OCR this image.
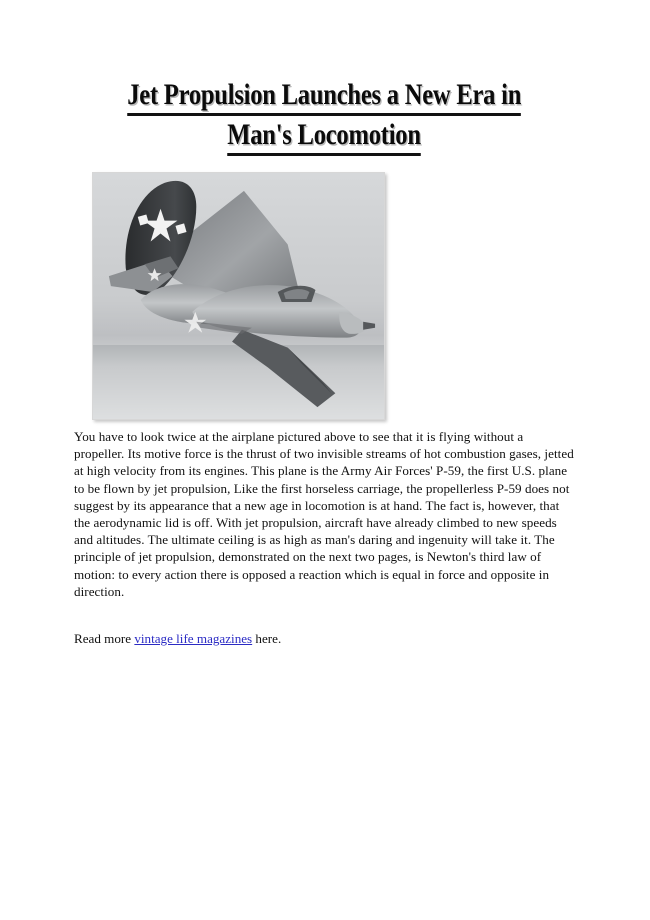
Jet Propulsion Launches a New Era in
Man's Locomotion

You have to look twice at the airplane pictured above to see that it is flying without a propeller. Its motive force is the thrust of two invisible streams of hot combustion gases, jetted at high velocity from its engines. This plane is the Army Air Forces' P-59, the first U.S. plane to be flown by jet propulsion, Like the first horseless carriage, the propellerless P-59 does not suggest by its appearance that a new age in locomotion is at hand. The fact is, however, that the aerodynamic lid is off. With jet propulsion, aircraft have already climbed to new speeds and altitudes. The ultimate ceiling is as high as man's daring and ingenuity will take it. The principle of jet propulsion, demonstrated on the next two pages, is Newton's third law of motion: to every action there is opposed a reaction which is equal in force and opposite in direction.

Read more vintage life magazines here.
